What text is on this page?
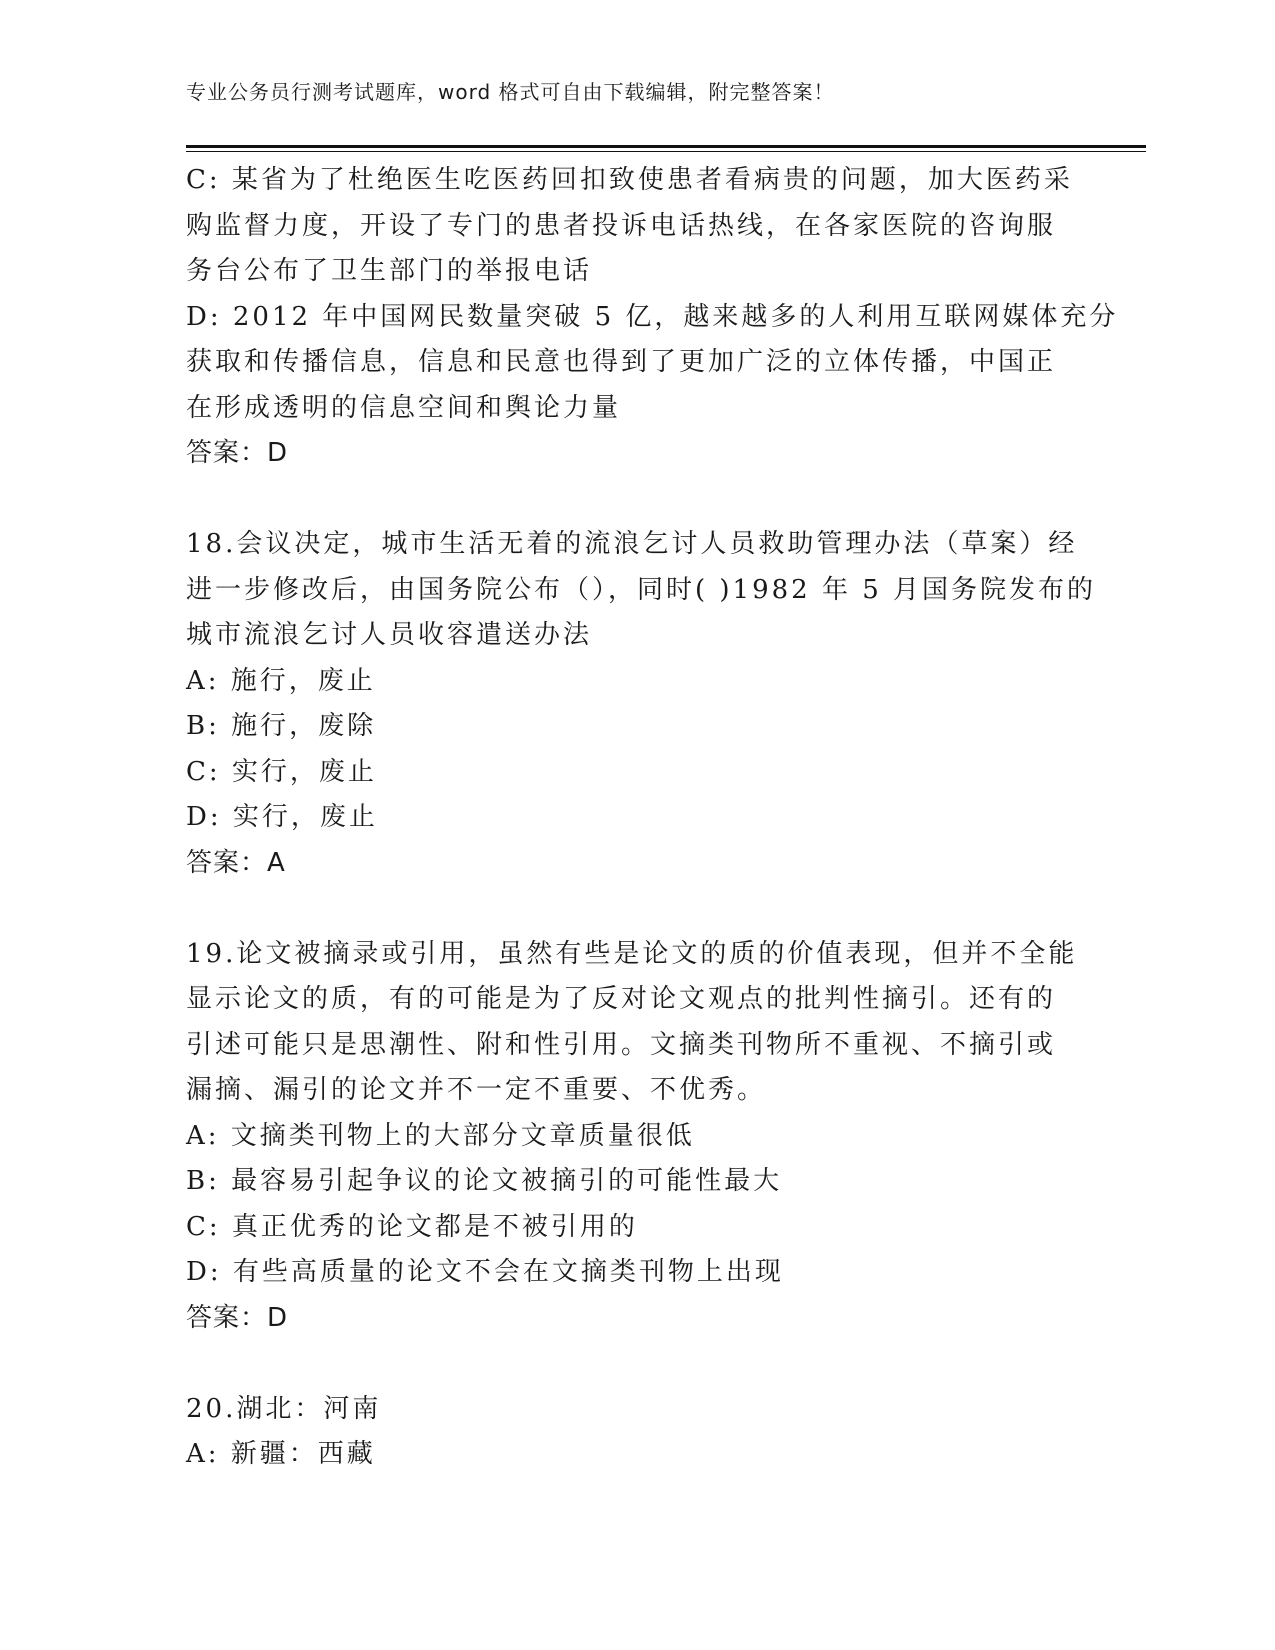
专业公务员行测考试题库，word 格式可自由下载编辑，附完整答案！
C: 某省为了杜绝医生吃医药回扣致使患者看病贵的问题，加大医药采
购监督力度，开设了专门的患者投诉电话热线，在各家医院的咨询服
务台公布了卫生部门的举报电话
D: 2012 年中国网民数量突破 5 亿，越来越多的人利用互联网媒体充分
获取和传播信息，信息和民意也得到了更加广泛的立体传播，中国正
在形成透明的信息空间和舆论力量
答案：D
18.会议决定，城市生活无着的流浪乞讨人员救助管理办法（草案）经
进一步修改后，由国务院公布（），同时( )1982 年 5 月国务院发布的
城市流浪乞讨人员收容遣送办法
A: 施行，废止
B: 施行，废除
C: 实行，废止
D: 实行，废止
答案：A
19.论文被摘录或引用，虽然有些是论文的质的价值表现，但并不全能
显示论文的质，有的可能是为了反对论文观点的批判性摘引。还有的
引述可能只是思潮性、附和性引用。文摘类刊物所不重视、不摘引或
漏摘、漏引的论文并不一定不重要、不优秀。
A: 文摘类刊物上的大部分文章质量很低
B: 最容易引起争议的论文被摘引的可能性最大
C: 真正优秀的论文都是不被引用的
D: 有些高质量的论文不会在文摘类刊物上出现
答案：D
20.湖北：河南
A: 新疆：西藏
